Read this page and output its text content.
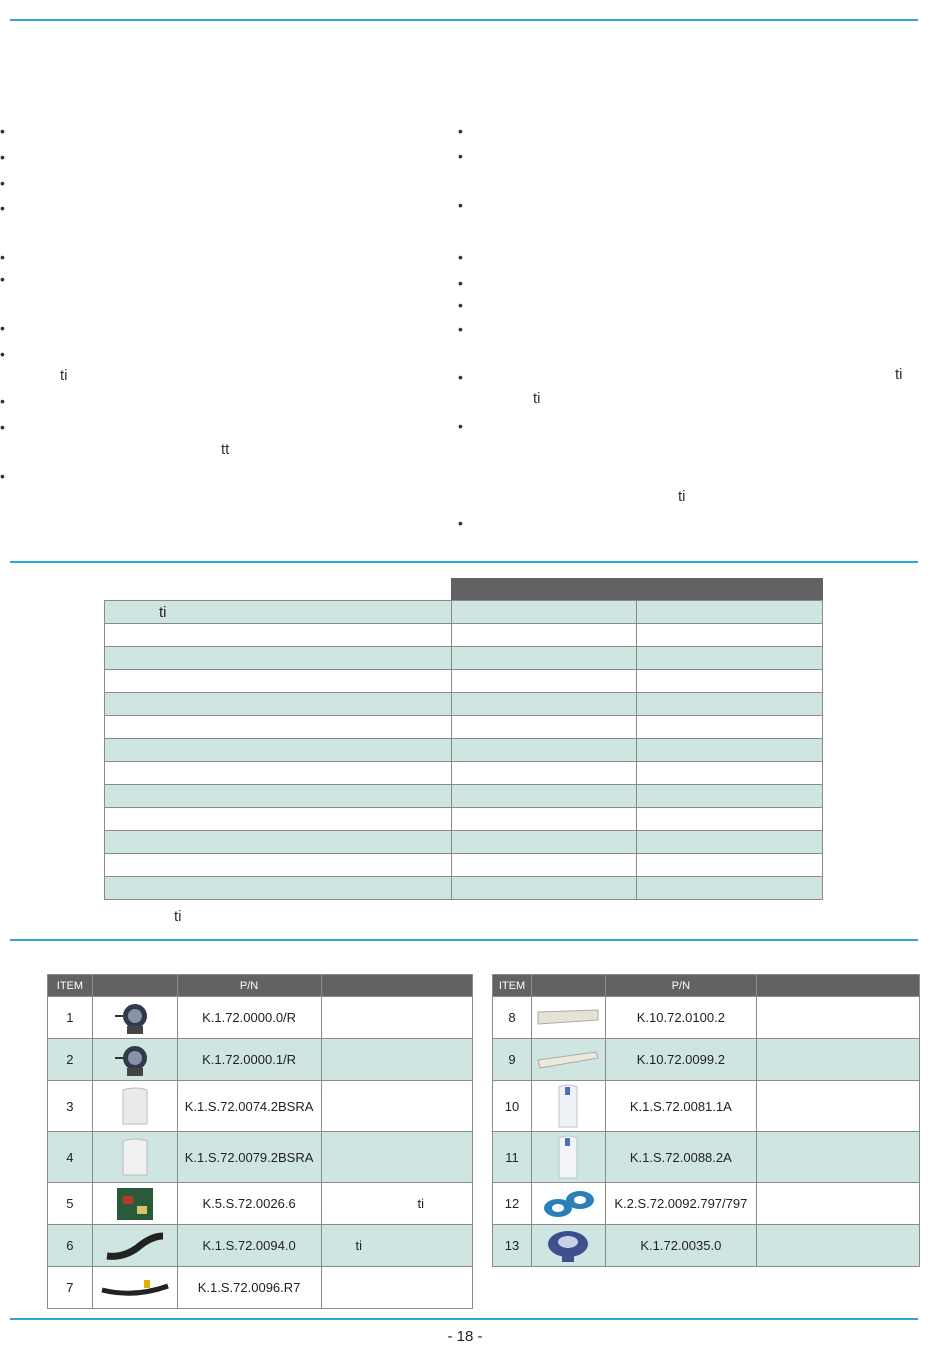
•
•
•
•
•
•
•
•
•
•
•
ti
tt
•
•
•
•
•
•
•
•
•
•
ti
ti
ti

ti		

ti
ITEM		P/N	
1		K.1.72.0000.0/R	
2		K.1.72.0000.1/R	
3		K.1.S.72.0074.2BSRA	
4		K.1.S.72.0079.2BSRA	
5		K.5.S.72.0026.6	ti
6		K.1.S.72.0094.0	ti
7		K.1.S.72.0096.R7	
ITEM		P/N	
8		K.10.72.0100.2	
9		K.10.72.0099.2	
10		K.1.S.72.0081.1A	
11		K.1.S.72.0088.2A	
12		K.2.S.72.0092.797/797	
13		K.1.72.0035.0	
- 18 -
